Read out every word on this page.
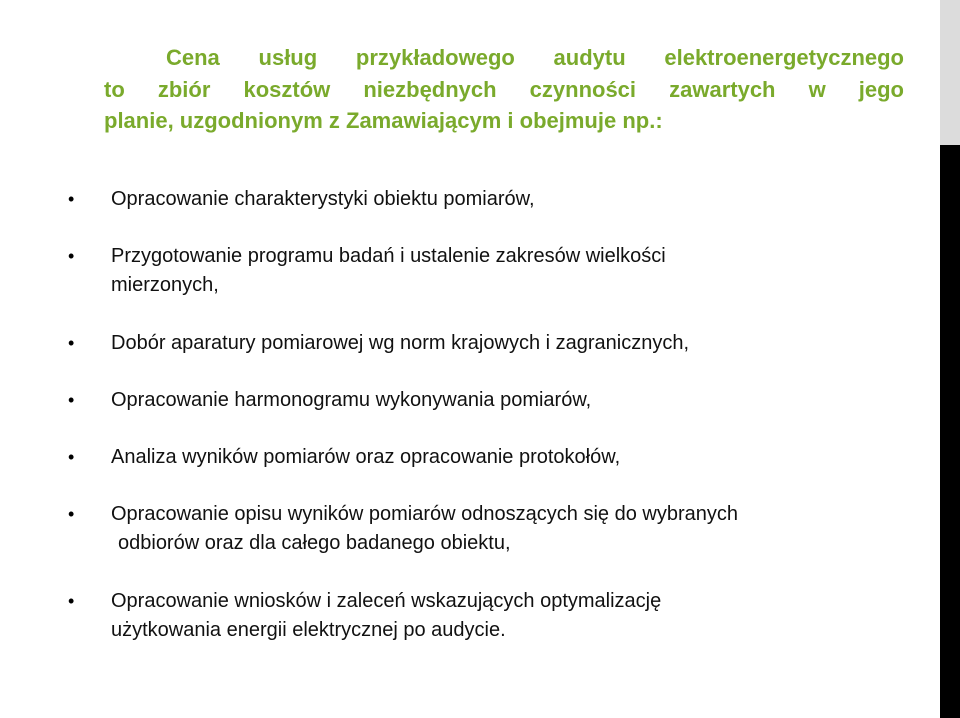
Cena usług przykładowego audytu elektroenergetycznego
to zbiór kosztów niezbędnych czynności zawartych w jego
planie, uzgodnionym z Zamawiającym i obejmuje np.:
• Opracowanie charakterystyki obiektu pomiarów,
• Przygotowanie programu badań i ustalenie zakresów wielkości
mierzonych,
• Dobór aparatury pomiarowej wg norm krajowych i zagranicznych,
• Opracowanie harmonogramu wykonywania pomiarów,
• Analiza wyników pomiarów oraz opracowanie protokołów,
• Opracowanie opisu wyników pomiarów odnoszących się do wybranych
odbiorów oraz dla całego badanego obiektu,
• Opracowanie wniosków i zaleceń wskazujących optymalizację
użytkowania energii elektrycznej po audycie.
